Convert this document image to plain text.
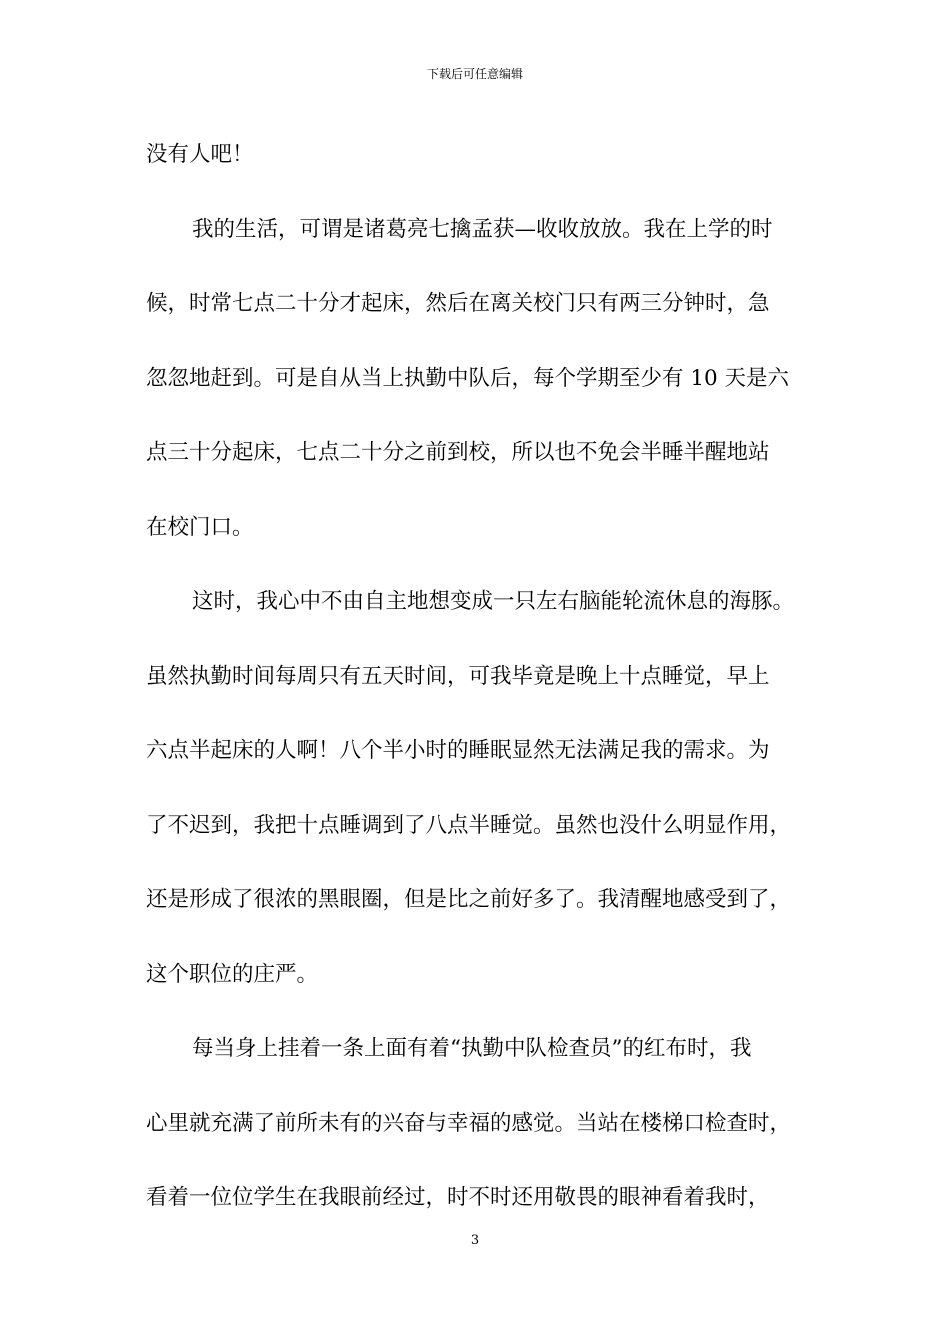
下载后可任意编辑
没有人吧！
我的生活，可谓是诸葛亮七擒孟获—收收放放。我在上学的时
候，时常七点二十分才起床，然后在离关校门只有两三分钟时，急
忽忽地赶到。可是自从当上执勤中队后，每个学期至少有 10 天是六
点三十分起床，七点二十分之前到校，所以也不免会半睡半醒地站
在校门口。
这时，我心中不由自主地想变成一只左右脑能轮流休息的海豚。
虽然执勤时间每周只有五天时间，可我毕竟是晚上十点睡觉，早上
六点半起床的人啊！八个半小时的睡眠显然无法满足我的需求。为
了不迟到，我把十点睡调到了八点半睡觉。虽然也没什么明显作用，
还是形成了很浓的黑眼圈，但是比之前好多了。我清醒地感受到了，
这个职位的庄严。
每当身上挂着一条上面有着“执勤中队检查员”的红布时，我
心里就充满了前所未有的兴奋与幸福的感觉。当站在楼梯口检查时，
看着一位位学生在我眼前经过，时不时还用敬畏的眼神看着我时，
3
